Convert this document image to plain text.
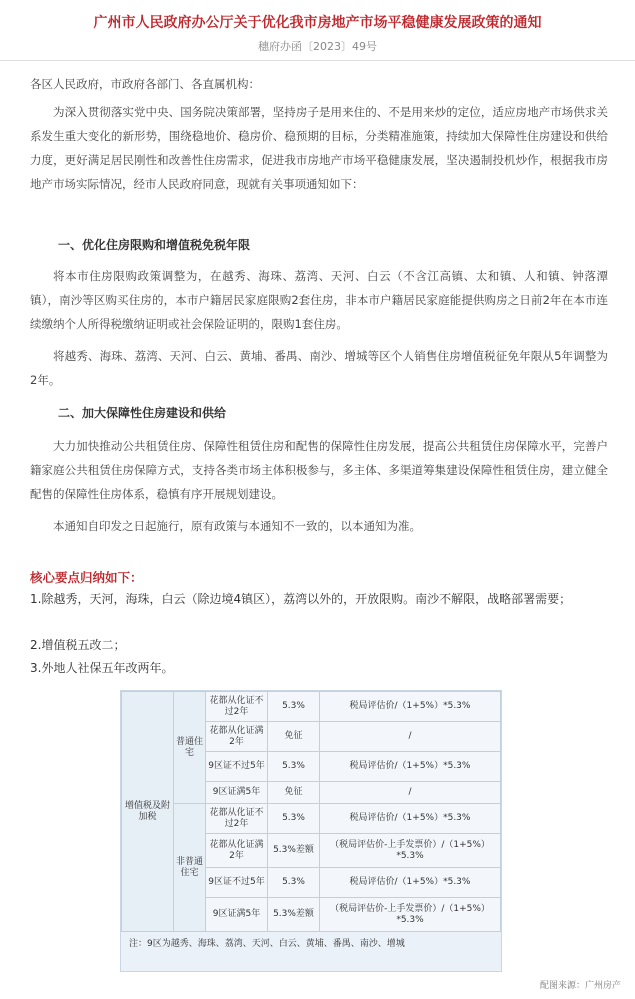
广州市人民政府办公厅关于优化我市房地产市场平稳健康发展政策的通知
穗府办函〔2023〕49号
各区人民政府，市政府各部门、各直属机构：
为深入贯彻落实党中央、国务院决策部署，坚持房子是用来住的、不是用来炒的定位，适应房地产市场供求关系发生重大变化的新形势，围绕稳地价、稳房价、稳预期的目标，分类精准施策，持续加大保障性住房建设和供给力度，更好满足居民刚性和改善性住房需求，促进我市房地产市场平稳健康发展，坚决遏制投机炒作，根据我市房地产市场实际情况，经市人民政府同意，现就有关事项通知如下：
一、优化住房限购和增值税免税年限
将本市住房限购政策调整为，在越秀、海珠、荔湾、天河、白云（不含江高镇、太和镇、人和镇、钟落潭镇），南沙等区购买住房的，本市户籍居民家庭限购2套住房，非本市户籍居民家庭能提供购房之日前2年在本市连续缴纳个人所得税缴纳证明或社会保险证明的，限购1套住房。
将越秀、海珠、荔湾、天河、白云、黄埔、番禺、南沙、增城等区个人销售住房增值税征免年限从5年调整为2年。
二、加大保障性住房建设和供给
大力加快推动公共租赁住房、保障性租赁住房和配售的保障性住房发展，提高公共租赁住房保障水平，完善户籍家庭公共租赁住房保障方式，支持各类市场主体积极参与，多主体、多渠道筹集建设保障性租赁住房，建立健全配售的保障性住房体系，稳慎有序开展规划建设。
本通知自印发之日起施行，原有政策与本通知不一致的，以本通知为准。
核心要点归纳如下：
1.除越秀，天河，海珠，白云（除边境4镇区），荔湾以外的，开放限购。南沙不解限，战略部署需要；
2.增值税五改二；
3.外地人社保五年改两年。
增值税及附加税	普通住宅	花都从化证不过2年	5.3%	税局评估价/（1+5%）*5.3%
		花都从化证满2年	免征	/
		9区证不过5年	5.3%	税局评估价/（1+5%）*5.3%
		9区证满5年	免征	/
	非普通住宅	花都从化证不过2年	5.3%	税局评估价/（1+5%）*5.3%
		花都从化证满2年	5.3%差额	（税局评估价-上手发票价）/（1+5%）*5.3%
		9区证不过5年	5.3%	税局评估价/（1+5%）*5.3%
		9区证满5年	5.3%差额	（税局评估价-上手发票价）/（1+5%）*5.3%
注：9区为越秀、海珠、荔湾、天河、白云、黄埔、番禺、南沙、增城
配图来源：广州房产
